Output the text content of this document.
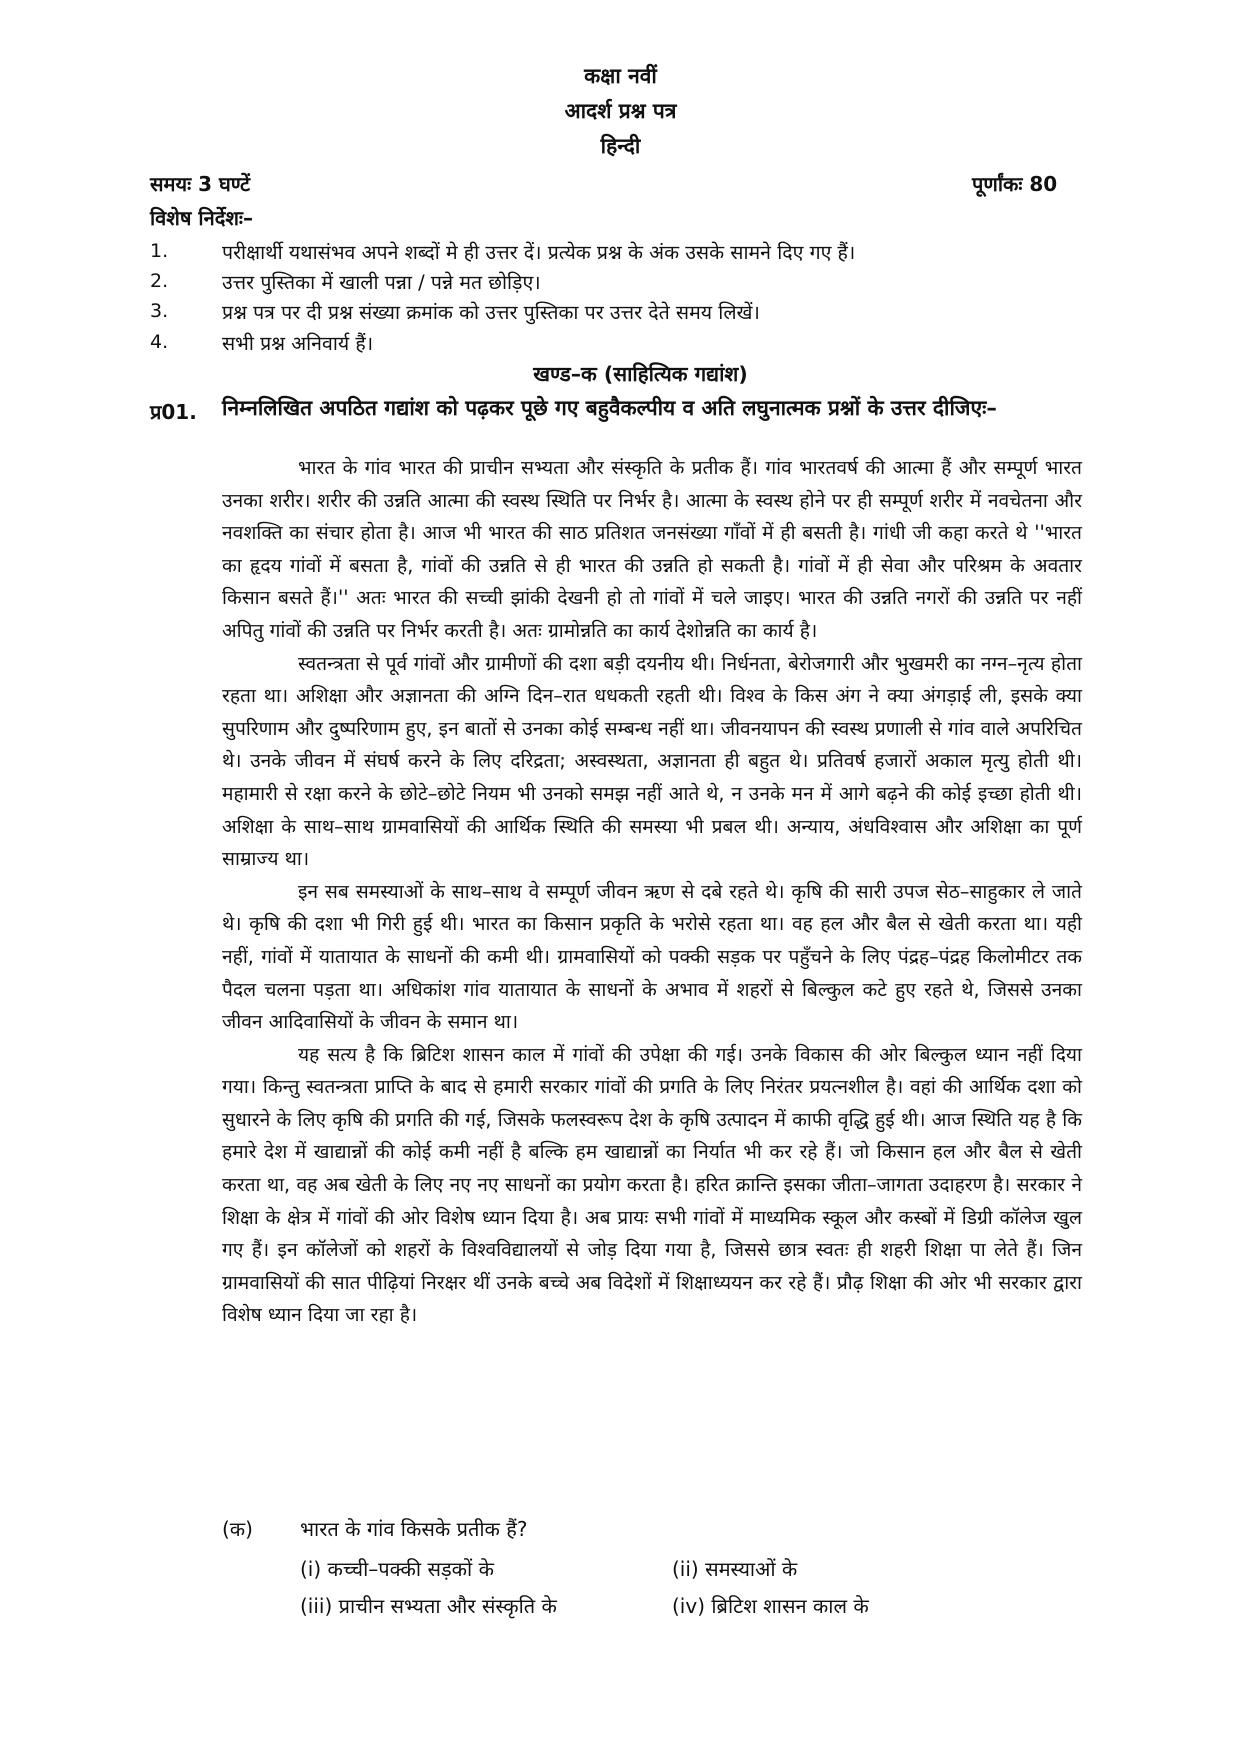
कक्षा नवीं
आदर्श प्रश्न पत्र
हिन्दी
समयः 3 घण्टें	पूर्णांकः 80
विशेष निर्देशः–
1.	परीक्षार्थी यथासंभव अपने शब्दों मे ही उत्तर दें। प्रत्येक प्रश्न के अंक उसके सामने दिए गए हैं।
2.	उत्तर पुस्तिका में खाली पन्ना / पन्ने मत छोड़िए।
3.	प्रश्न पत्र पर दी प्रश्न संख्या क्रमांक को उत्तर पुस्तिका पर उत्तर देते समय लिखें।
4.	सभी प्रश्न अनिवार्य हैं।
खण्ड–क (साहित्यिक गद्यांश)
प्र01. निम्नलिखित अपठित गद्यांश को पढ़कर पूछे गए बहुवैकल्पीय व अति लघुनात्मक प्रश्नों के उत्तर दीजिएः–

भारत के गांव भारत की प्राचीन सभ्यता और संस्कृति के प्रतीक हैं। गांव भारतवर्ष की आत्मा हैं और सम्पूर्ण भारत उनका शरीर। शरीर की उन्नति आत्मा की स्वस्थ स्थिति पर निर्भर है। आत्मा के स्वस्थ होने पर ही सम्पूर्ण शरीर में नवचेतना और नवशक्ति का संचार होता है। आज भी भारत की साठ प्रतिशत जनसंख्या गाँवों में ही बसती है। गांधी जी कहा करते थे ''भारत का हृदय गांवों में बसता है, गांवों की उन्नति से ही भारत की उन्नति हो सकती है। गांवों में ही सेवा और परिश्रम के अवतार किसान बसते हैं।'' अतः भारत की सच्ची झांकी देखनी हो तो गांवों में चले जाइए। भारत की उन्नति नगरों की उन्नति पर नहीं अपितु गांवों की उन्नति पर निर्भर करती है। अतः ग्रामोन्नति का कार्य देशोन्नति का कार्य है।

स्वतन्त्रता से पूर्व गांवों और ग्रामीणों की दशा बड़ी दयनीय थी। निर्धनता, बेरोजगारी और भुखमरी का नग्न–नृत्य होता रहता था। अशिक्षा और अज्ञानता की अग्नि दिन–रात धधकती रहती थी। विश्व के किस अंग ने क्या अंगड़ाई ली, इसके क्या सुपरिणाम और दुष्परिणाम हुए, इन बातों से उनका कोई सम्बन्ध नहीं था। जीवनयापन की स्वस्थ प्रणाली से गांव वाले अपरिचित थे। उनके जीवन में संघर्ष करने के लिए दरिद्रता; अस्वस्थता, अज्ञानता ही बहुत थे। प्रतिवर्ष हजारों अकाल मृत्यु होती थी। महामारी से रक्षा करने के छोटे–छोटे नियम भी उनको समझ नहीं आते थे, न उनके मन में आगे बढ़ने की कोई इच्छा होती थी। अशिक्षा के साथ–साथ ग्रामवासियों की आर्थिक स्थिति की समस्या भी प्रबल थी। अन्याय, अंधविश्वास और अशिक्षा का पूर्ण साम्राज्य था।

इन सब समस्याओं के साथ–साथ वे सम्पूर्ण जीवन ऋण से दबे रहते थे। कृषि की सारी उपज सेठ–साहुकार ले जाते थे। कृषि की दशा भी गिरी हुई थी। भारत का किसान प्रकृति के भरोसे रहता था। वह हल और बैल से खेती करता था। यही नहीं, गांवों में यातायात के साधनों की कमी थी। ग्रामवासियों को पक्की सड़क पर पहुँचने के लिए पंद्रह–पंद्रह किलोमीटर तक पैदल चलना पड़ता था। अधिकांश गांव यातायात के साधनों के अभाव में शहरों से बिल्कुल कटे हुए रहते थे, जिससे उनका जीवन आदिवासियों के जीवन के समान था।

यह सत्य है कि ब्रिटिश शासन काल में गांवों की उपेक्षा की गई। उनके विकास की ओर बिल्कुल ध्यान नहीं दिया गया। किन्तु स्वतन्त्रता प्राप्ति के बाद से हमारी सरकार गांवों की प्रगति के लिए निरंतर प्रयत्नशील है। वहां की आर्थिक दशा को सुधारने के लिए कृषि की प्रगति की गई, जिसके फलस्वरूप देश के कृषि उत्पादन में काफी वृद्धि हुई थी। आज स्थिति यह है कि हमारे देश में खाद्यान्नों की कोई कमी नहीं है बल्कि हम खाद्यान्नों का निर्यात भी कर रहे हैं। जो किसान हल और बैल से खेती करता था, वह अब खेती के लिए नए नए साधनों का प्रयोग करता है। हरित क्रान्ति इसका जीता–जागता उदाहरण है। सरकार ने शिक्षा के क्षेत्र में गांवों की ओर विशेष ध्यान दिया है। अब प्रायः सभी गांवों में माध्यमिक स्कूल और कस्बों में डिग्री कॉलेज खुल गए हैं। इन कॉलेजों को शहरों के विश्वविद्यालयों से जोड़ दिया गया है, जिससे छात्र स्वतः ही शहरी शिक्षा पा लेते हैं। जिन ग्रामवासियों की सात पीढ़ियां निरक्षर थीं उनके बच्चे अब विदेशों में शिक्षाध्ययन कर रहे हैं। प्रौढ़ शिक्षा की ओर भी सरकार द्वारा विशेष ध्यान दिया जा रहा है।

(क) भारत के गांव किसके प्रतीक हैं?
(i) कच्ची–पक्की सड़कों के	(ii) समस्याओं के
(iii) प्राचीन सभ्यता और संस्कृति के	(iv) ब्रिटिश शासन काल के
